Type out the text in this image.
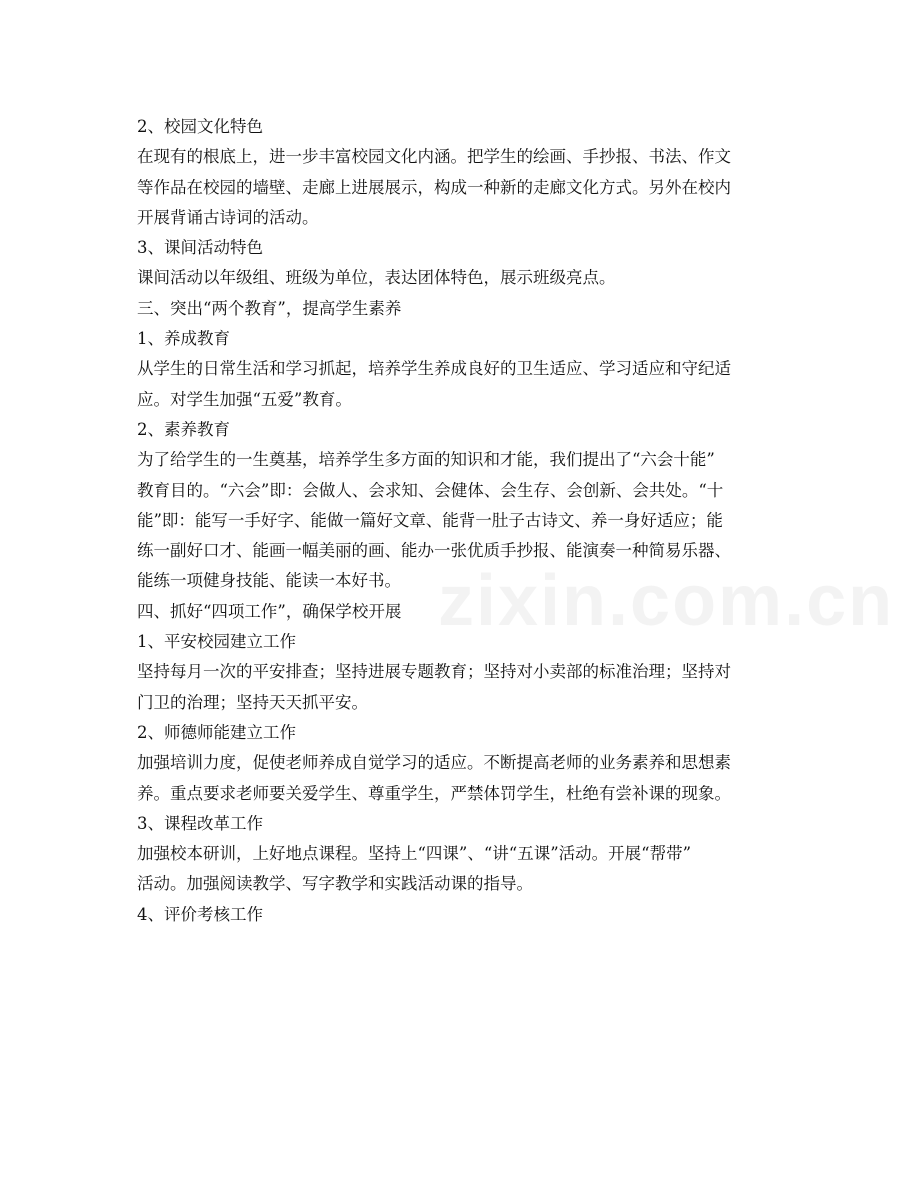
2、校园文化特色
在现有的根底上，进一步丰富校园文化内涵。把学生的绘画、手抄报、书法、作文
等作品在校园的墙壁、走廊上进展展示，构成一种新的走廊文化方式。另外在校内
开展背诵古诗词的活动。
3、课间活动特色
课间活动以年级组、班级为单位，表达团体特色，展示班级亮点。
三、突出“两个教育”，提高学生素养
1、养成教育
从学生的日常生活和学习抓起，培养学生养成良好的卫生适应、学习适应和守纪适
应。对学生加强“五爱”教育。
2、素养教育
为了给学生的一生奠基，培养学生多方面的知识和才能，我们提出了“六会十能”
教育目的。“六会”即：会做人、会求知、会健体、会生存、会创新、会共处。“十
能”即：能写一手好字、能做一篇好文章、能背一肚子古诗文、养一身好适应；能
练一副好口才、能画一幅美丽的画、能办一张优质手抄报、能演奏一种简易乐器、
能练一项健身技能、能读一本好书。
四、抓好“四项工作”，确保学校开展
1、平安校园建立工作
坚持每月一次的平安排查；坚持进展专题教育；坚持对小卖部的标准治理；坚持对
门卫的治理；坚持天天抓平安。
2、师德师能建立工作
加强培训力度，促使老师养成自觉学习的适应。不断提高老师的业务素养和思想素
养。重点要求老师要关爱学生、尊重学生，严禁体罚学生，杜绝有尝补课的现象。
3、课程改革工作
加强校本研训，上好地点课程。坚持上“四课”、“讲“五课”活动。开展“帮带”
活动。加强阅读教学、写字教学和实践活动课的指导。
4、评价考核工作
zixin.com.cn
